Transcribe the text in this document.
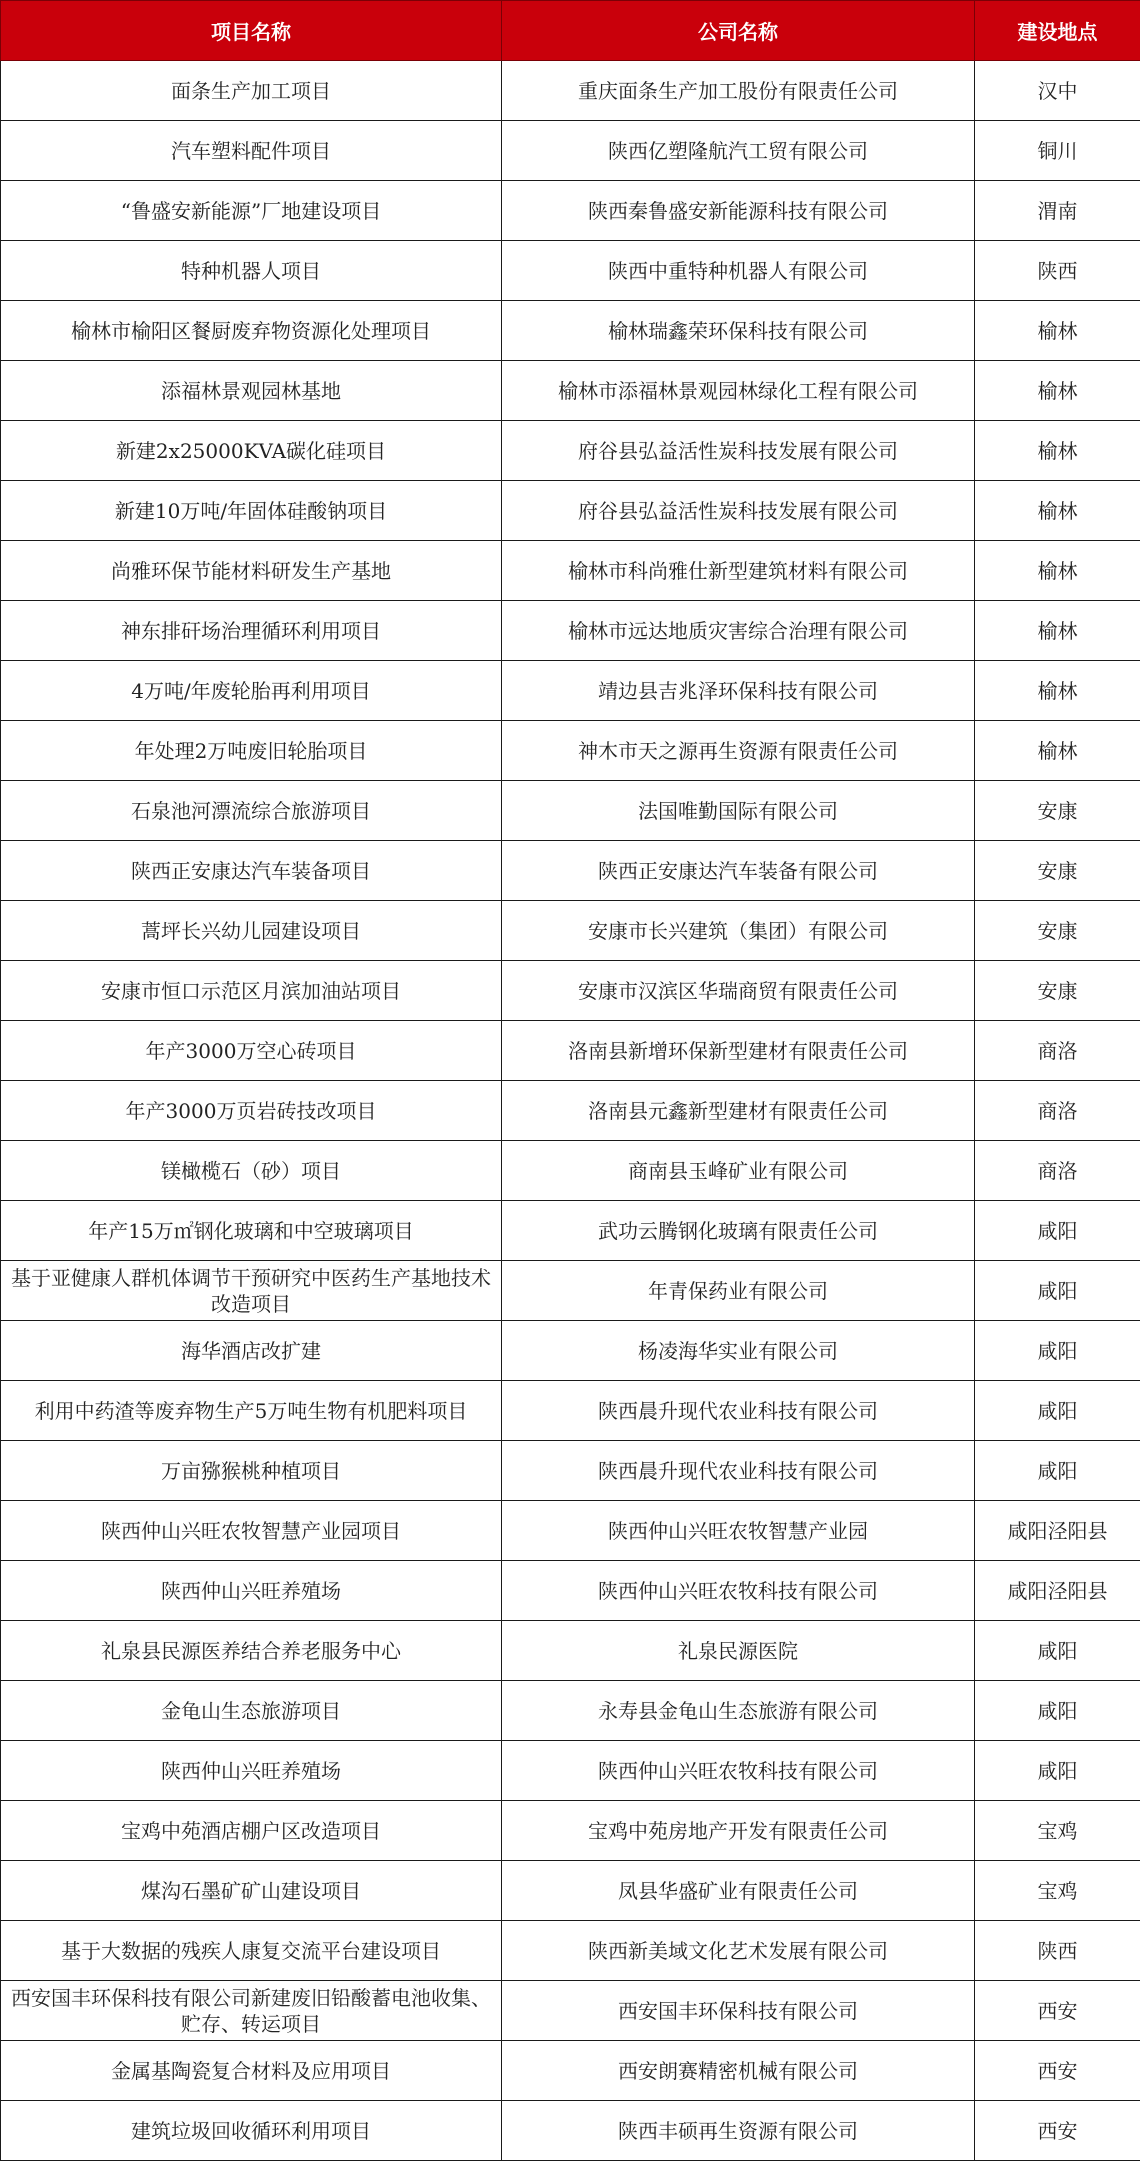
项目名称	公司名称	建设地点
面条生产加工项目	重庆面条生产加工股份有限责任公司	汉中
汽车塑料配件项目	陕西亿塑隆航汽工贸有限公司	铜川
“鲁盛安新能源”厂地建设项目	陕西秦鲁盛安新能源科技有限公司	渭南
特种机器人项目	陕西中重特种机器人有限公司	陕西
榆林市榆阳区餐厨废弃物资源化处理项目	榆林瑞鑫荣环保科技有限公司	榆林
添福林景观园林基地	榆林市添福林景观园林绿化工程有限公司	榆林
新建2x25000KVA碳化硅项目	府谷县弘益活性炭科技发展有限公司	榆林
新建10万吨/年固体硅酸钠项目	府谷县弘益活性炭科技发展有限公司	榆林
尚雅环保节能材料研发生产基地	榆林市科尚雅仕新型建筑材料有限公司	榆林
神东排矸场治理循环利用项目	榆林市远达地质灾害综合治理有限公司	榆林
4万吨/年废轮胎再利用项目	靖边县吉兆泽环保科技有限公司	榆林
年处理2万吨废旧轮胎项目	神木市天之源再生资源有限责任公司	榆林
石泉池河漂流综合旅游项目	法国唯勤国际有限公司	安康
陕西正安康达汽车装备项目	陕西正安康达汽车装备有限公司	安康
蒿坪长兴幼儿园建设项目	安康市长兴建筑（集团）有限公司	安康
安康市恒口示范区月滨加油站项目	安康市汉滨区华瑞商贸有限责任公司	安康
年产3000万空心砖项目	洛南县新增环保新型建材有限责任公司	商洛
年产3000万页岩砖技改项目	洛南县元鑫新型建材有限责任公司	商洛
镁橄榄石（砂）项目	商南县玉峰矿业有限公司	商洛
年产15万㎡钢化玻璃和中空玻璃项目	武功云腾钢化玻璃有限责任公司	咸阳
基于亚健康人群机体调节干预研究中医药生产基地技术改造项目	年青保药业有限公司	咸阳
海华酒店改扩建	杨凌海华实业有限公司	咸阳
利用中药渣等废弃物生产5万吨生物有机肥料项目	陕西晨升现代农业科技有限公司	咸阳
万亩猕猴桃种植项目	陕西晨升现代农业科技有限公司	咸阳
陕西仲山兴旺农牧智慧产业园项目	陕西仲山兴旺农牧智慧产业园	咸阳泾阳县
陕西仲山兴旺养殖场	陕西仲山兴旺农牧科技有限公司	咸阳泾阳县
礼泉县民源医养结合养老服务中心	礼泉民源医院	咸阳
金龟山生态旅游项目	永寿县金龟山生态旅游有限公司	咸阳
陕西仲山兴旺养殖场	陕西仲山兴旺农牧科技有限公司	咸阳
宝鸡中苑酒店棚户区改造项目	宝鸡中苑房地产开发有限责任公司	宝鸡
煤沟石墨矿矿山建设项目	凤县华盛矿业有限责任公司	宝鸡
基于大数据的残疾人康复交流平台建设项目	陕西新美域文化艺术发展有限公司	陕西
西安国丰环保科技有限公司新建废旧铅酸蓄电池收集、贮存、转运项目	西安国丰环保科技有限公司	西安
金属基陶瓷复合材料及应用项目	西安朗赛精密机械有限公司	西安
建筑垃圾回收循环利用项目	陕西丰硕再生资源有限公司	西安
